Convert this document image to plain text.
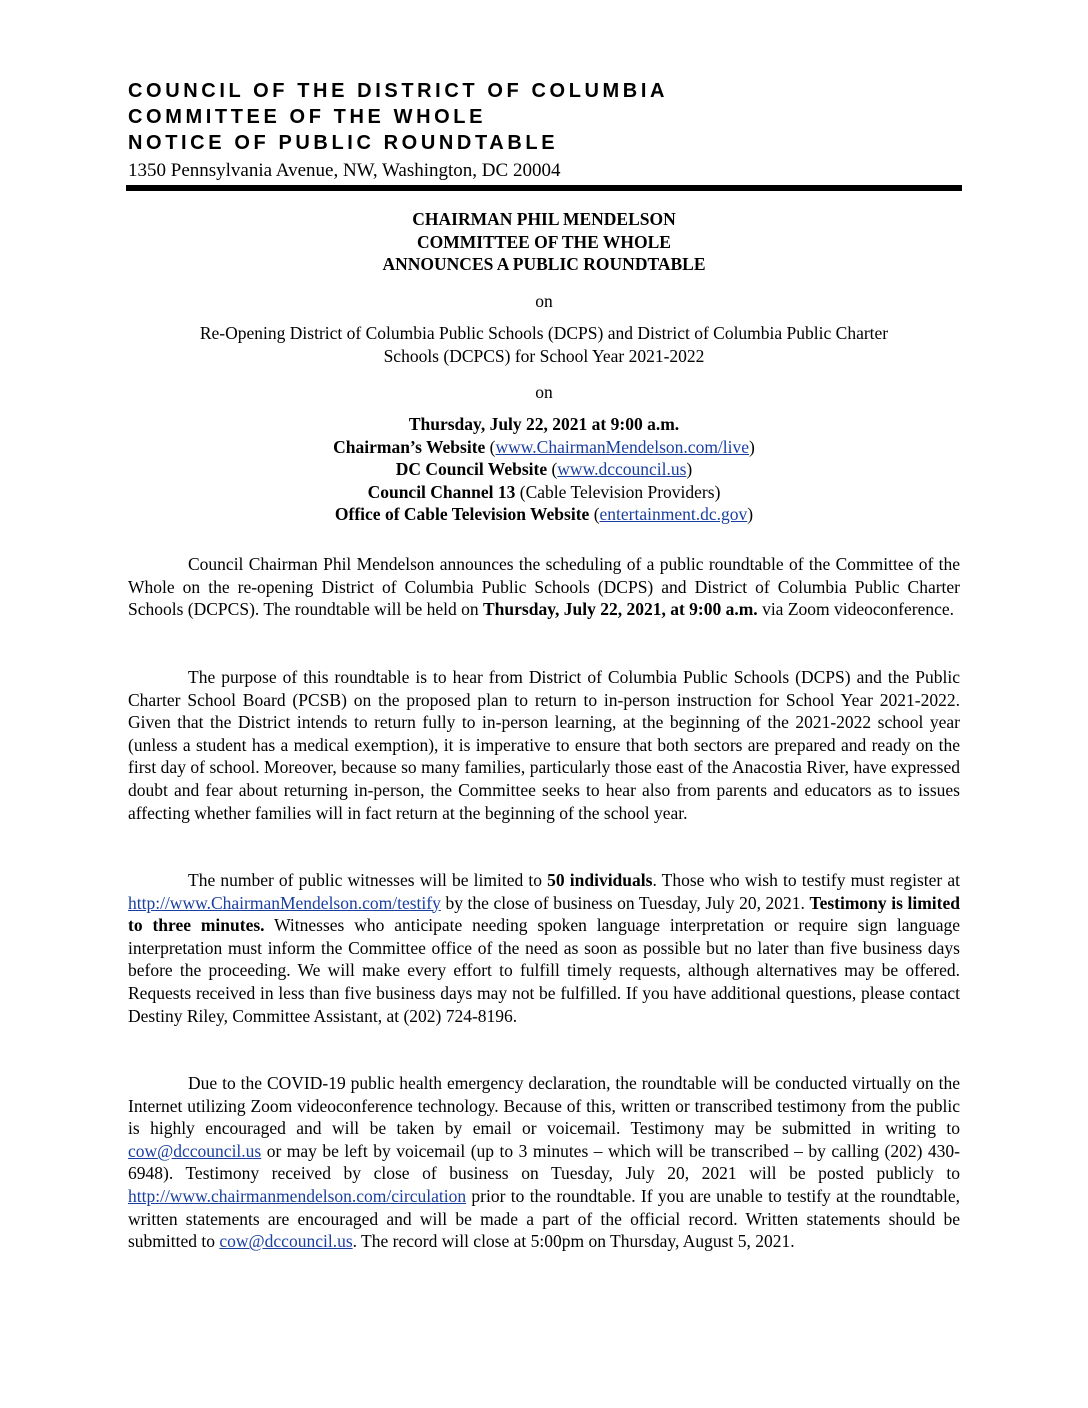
COUNCIL OF THE DISTRICT OF COLUMBIA
COMMITTEE OF THE WHOLE
NOTICE OF PUBLIC ROUNDTABLE
1350 Pennsylvania Avenue, NW, Washington, DC 20004
CHAIRMAN PHIL MENDELSON
COMMITTEE OF THE WHOLE
ANNOUNCES A PUBLIC ROUNDTABLE
on
Re-Opening District of Columbia Public Schools (DCPS) and District of Columbia Public Charter
Schools (DCPCS) for School Year 2021-2022
on
Thursday, July 22, 2021 at 9:00 a.m.
Chairman’s Website (www.ChairmanMendelson.com/live)
DC Council Website (www.dccouncil.us)
Council Channel 13 (Cable Television Providers)
Office of Cable Television Website (entertainment.dc.gov)
Council Chairman Phil Mendelson announces the scheduling of a public roundtable of the Committee of the Whole on the re-opening District of Columbia Public Schools (DCPS) and District of Columbia Public Charter Schools (DCPCS). The roundtable will be held on Thursday, July 22, 2021, at 9:00 a.m. via Zoom videoconference.
The purpose of this roundtable is to hear from District of Columbia Public Schools (DCPS) and the Public Charter School Board (PCSB) on the proposed plan to return to in-person instruction for School Year 2021-2022. Given that the District intends to return fully to in-person learning, at the beginning of the 2021-2022 school year (unless a student has a medical exemption), it is imperative to ensure that both sectors are prepared and ready on the first day of school. Moreover, because so many families, particularly those east of the Anacostia River, have expressed doubt and fear about returning in-person, the Committee seeks to hear also from parents and educators as to issues affecting whether families will in fact return at the beginning of the school year.
The number of public witnesses will be limited to 50 individuals. Those who wish to testify must register at http://www.ChairmanMendelson.com/testify by the close of business on Tuesday, July 20, 2021. Testimony is limited to three minutes. Witnesses who anticipate needing spoken language interpretation or require sign language interpretation must inform the Committee office of the need as soon as possible but no later than five business days before the proceeding. We will make every effort to fulfill timely requests, although alternatives may be offered. Requests received in less than five business days may not be fulfilled. If you have additional questions, please contact Destiny Riley, Committee Assistant, at (202) 724-8196.
Due to the COVID-19 public health emergency declaration, the roundtable will be conducted virtually on the Internet utilizing Zoom videoconference technology. Because of this, written or transcribed testimony from the public is highly encouraged and will be taken by email or voicemail. Testimony may be submitted in writing to cow@dccouncil.us or may be left by voicemail (up to 3 minutes – which will be transcribed – by calling (202) 430-6948). Testimony received by close of business on Tuesday, July 20, 2021 will be posted publicly to http://www.chairmanmendelson.com/circulation prior to the roundtable. If you are unable to testify at the roundtable, written statements are encouraged and will be made a part of the official record. Written statements should be submitted to cow@dccouncil.us. The record will close at 5:00pm on Thursday, August 5, 2021.
